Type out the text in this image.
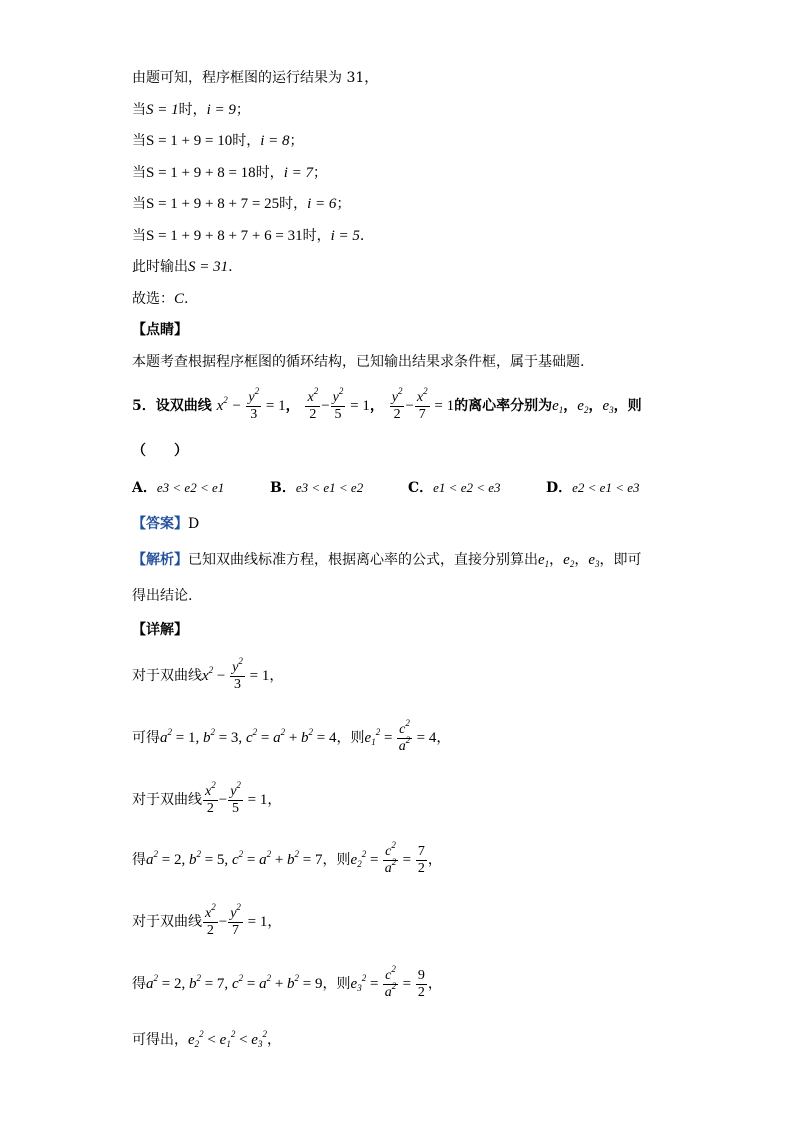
由题可知，程序框图的运行结果为 31，
当S = 1时，i = 9；
当S = 1 + 9 = 10时，i = 8；
当S = 1 + 9 + 8 = 18时，i = 7；
当S = 1 + 9 + 8 + 7 = 25时，i = 6；
当S = 1 + 9 + 8 + 7 + 6 = 31时，i = 5.
此时输出S = 31.
故选：C.
【点睛】
本题考查根据程序框图的循环结构，已知输出结果求条件框，属于基础题.
5．设双曲线 $x^2 - \frac{y^2}{3} = 1$， $\frac{x^2}{2} - \frac{y^2}{5} = 1$， $\frac{y^2}{2} - \frac{x^2}{7} = 1$的离心率分别为$e_1$，$e_2$，$e_3$，则
（　　）
A．e3 < e2 < e1	B．e3 < e1 < e2	C．e1 < e2 < e3	D．e2 < e1 < e3
【答案】D
【解析】已知双曲线标准方程，根据离心率的公式，直接分别算出$e_1$，$e_2$，$e_3$，即可
得出结论.
【详解】
对于双曲线$x^2 - \frac{y^2}{3} = 1$，
可得$a^2 = 1$, $b^2 = 3$, $c^2 = a^2 + b^2 = 4$，则$e_1^2 = \frac{c^2}{a^2} = 4$，
对于双曲线 $\frac{x^2}{2} - \frac{y^2}{5} = 1$，
得$a^2 = 2$, $b^2 = 5$, $c^2 = a^2 + b^2 = 7$，则$e_2^2 = \frac{c^2}{a^2} = \frac{7}{2}$ ，
对于双曲线 $\frac{x^2}{2} - \frac{y^2}{7} = 1$，
得$a^2 = 2$, $b^2 = 7$, $c^2 = a^2 + b^2 = 9$，则$e_3^2 = \frac{c^2}{a^2} = \frac{9}{2}$ ，
可得出，$e_2^2 < e_1^2 < e_3^2$，
